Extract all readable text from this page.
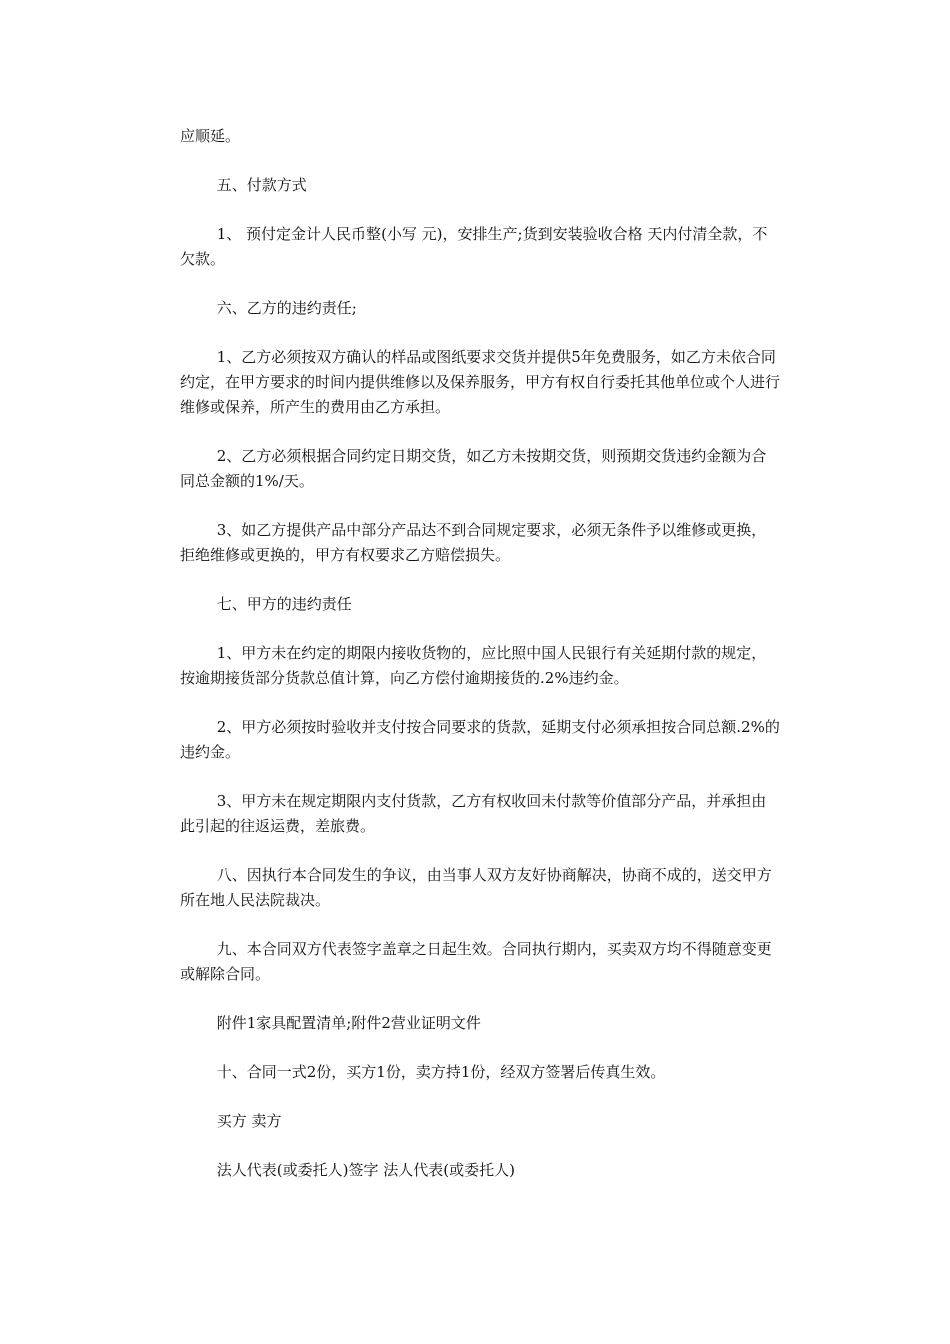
应顺延。

五、付款方式

1、 预付定金计人民币整(小写 元)，安排生产;货到安装验收合格 天内付清全款，不欠款。

六、乙方的违约责任;

1、乙方必须按双方确认的样品或图纸要求交货并提供5年免费服务，如乙方未依合同约定，在甲方要求的时间内提供维修以及保养服务，甲方有权自行委托其他单位或个人进行维修或保养，所产生的费用由乙方承担。

2、乙方必须根据合同约定日期交货，如乙方未按期交货，则预期交货违约金额为合同总金额的1%/天。

3、如乙方提供产品中部分产品达不到合同规定要求，必须无条件予以维修或更换，拒绝维修或更换的，甲方有权要求乙方赔偿损失。

七、甲方的违约责任

1、甲方未在约定的期限内接收货物的，应比照中国人民银行有关延期付款的规定，按逾期接货部分货款总值计算，向乙方偿付逾期接货的.2%违约金。

2、甲方必须按时验收并支付按合同要求的货款，延期支付必须承担按合同总额.2%的违约金。

3、甲方未在规定期限内支付货款，乙方有权收回未付款等价值部分产品，并承担由此引起的往返运费，差旅费。

八、因执行本合同发生的争议，由当事人双方友好协商解决，协商不成的，送交甲方所在地人民法院裁决。

九、本合同双方代表签字盖章之日起生效。合同执行期内，买卖双方均不得随意变更或解除合同。

附件1家具配置清单;附件2营业证明文件

十、合同一式2份，买方1份，卖方持1份，经双方签署后传真生效。

买方 卖方

法人代表(或委托人)签字 法人代表(或委托人)
